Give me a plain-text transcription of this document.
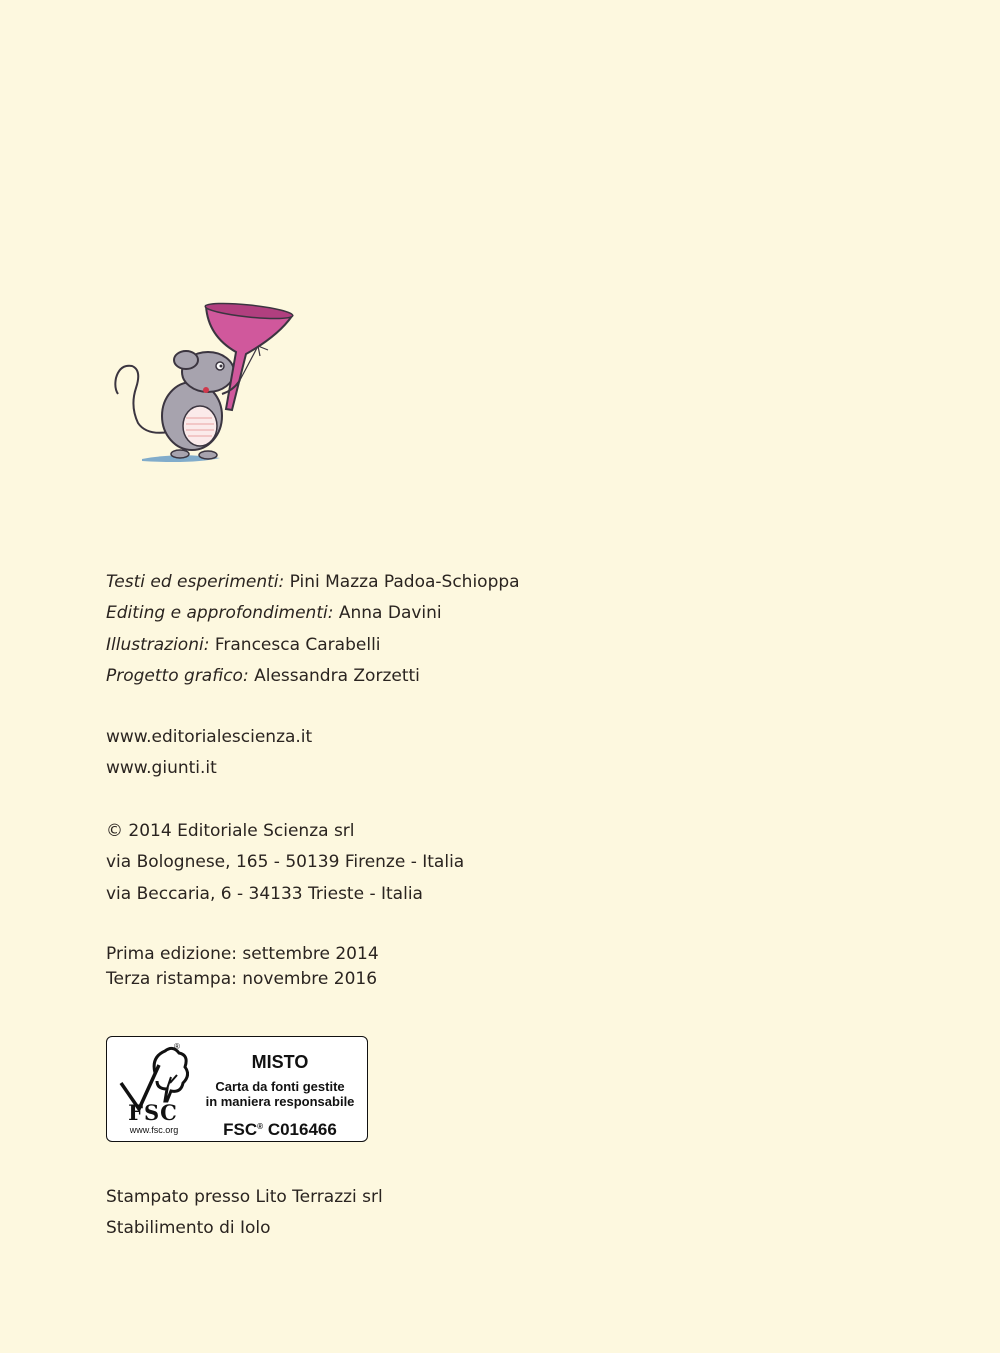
Testi ed esperimenti: Pini Mazza Padoa-Schioppa
Editing e approfondimenti: Anna Davini
Illustrazioni: Francesca Carabelli
Progetto grafico: Alessandra Zorzetti
www.editorialescienza.it
www.giunti.it
© 2014 Editoriale Scienza srl
via Bolognese, 165 - 50139 Firenze - Italia
via Beccaria, 6 - 34133 Trieste - Italia
Prima edizione: settembre 2014
Terza ristampa: novembre 2016
®
FSC
www.fsc.org
MISTO
Carta da fonti gestite
in maniera responsabile
FSC® C016466
Stampato presso Lito Terrazzi srl
Stabilimento di Iolo
